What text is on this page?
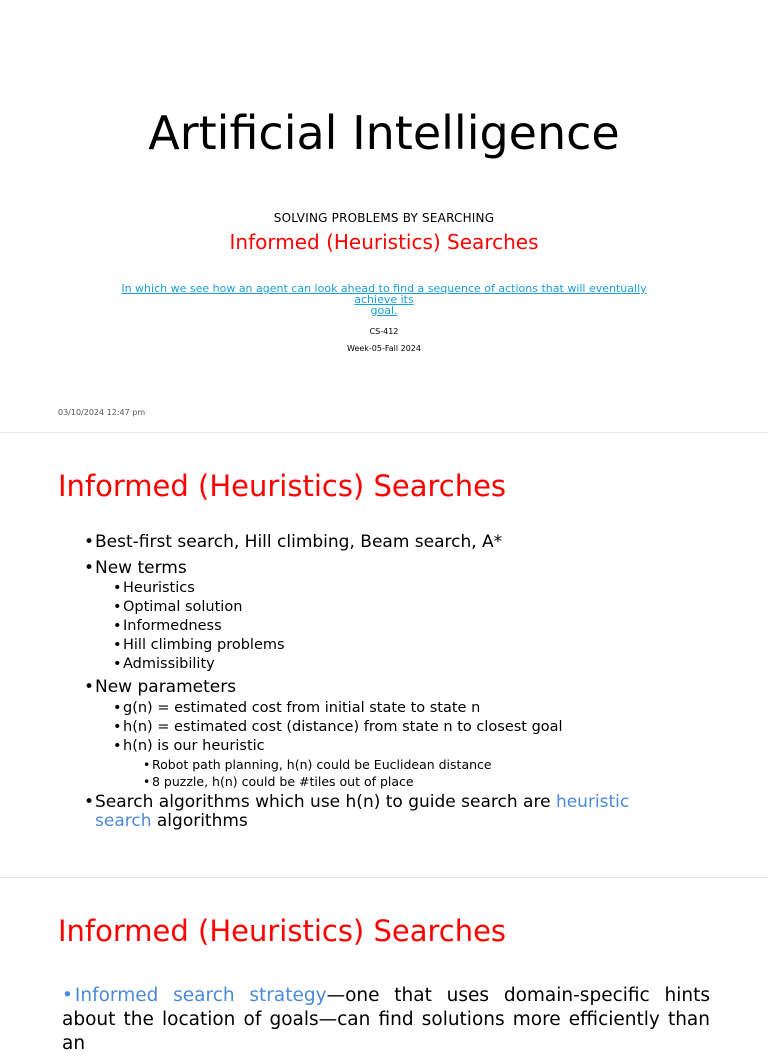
Artificial Intelligence
SOLVING PROBLEMS BY SEARCHING
Informed (Heuristics) Searches
In which we see how an agent can look ahead to find a sequence of actions that will eventually achieve its
goal.
CS-412
Week-05-Fall 2024
03/10/2024 12:47 pm
Informed (Heuristics) Searches
• Best-first search, Hill climbing, Beam search, A*
• New terms
• Heuristics
• Optimal solution
• Informedness
• Hill climbing problems
• Admissibility
• New parameters
• g(n) = estimated cost from initial state to state n
• h(n) = estimated cost (distance) from state n to closest goal
• h(n) is our heuristic
• Robot path planning, h(n) could be Euclidean distance
• 8 puzzle, h(n) could be #tiles out of place
• Search algorithms which use h(n) to guide search are heuristic
search algorithms
Informed (Heuristics) Searches
• Informed search strategy—one that uses domain-specific hints about the location of goals—can find solutions more efficiently than an
